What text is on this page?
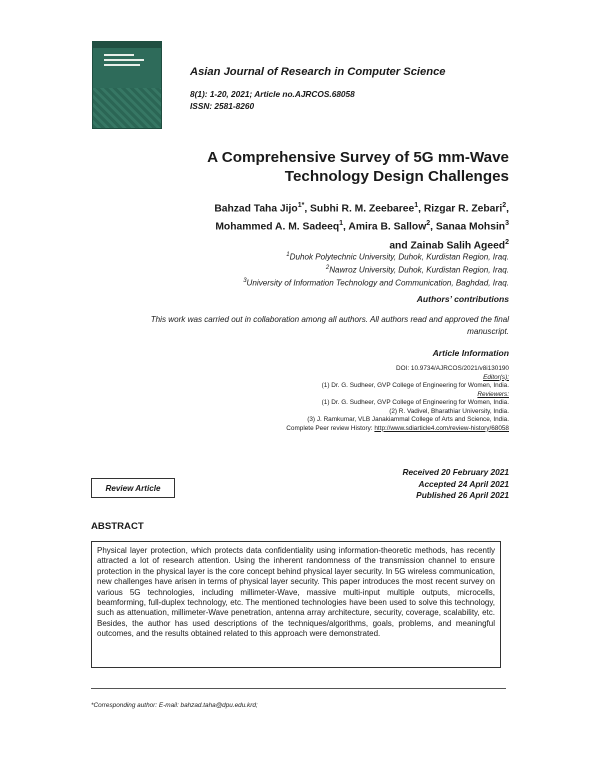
Asian Journal of Research in Computer Science
8(1): 1-20, 2021; Article no.AJRCOS.68058
ISSN: 2581-8260
A Comprehensive Survey of 5G mm-Wave
Technology Design Challenges
Bahzad Taha Jijo$^{1*}$, Subhi R. M. Zeebaree$^1$, Rizgar R. Zebari$^2$,
Mohammed A. M. Sadeeq$^1$, Amira B. Sallow$^2$, Sanaa Mohsin$^3$
and Zainab Salih Ageed$^2$
$^1$Duhok Polytechnic University, Duhok, Kurdistan Region, Iraq.
$^2$Nawroz University, Duhok, Kurdistan Region, Iraq.
$^3$University of Information Technology and Communication, Baghdad, Iraq.
Authors’ contributions
This work was carried out in collaboration among all authors. All authors read and approved the final
manuscript.
Article Information
DOI: 10.9734/AJRCOS/2021/v8i130190
Editor(s):
(1) Dr. G. Sudheer, GVP College of Engineering for Women, India.
Reviewers:
(1) Dr. G. Sudheer, GVP College of Engineering for Women, India.
(2) R. Vadivel, Bharathiar University, India.
(3) J. Ramkumar, VLB Janakiammal College of Arts and Science, India.
Complete Peer review History: http://www.sdiarticle4.com/review-history/68058
Review Article
Received 20 February 2021
Accepted 24 April 2021
Published 26 April 2021
ABSTRACT
Physical layer protection, which protects data confidentiality using information-theoretic methods, has recently attracted a lot of research attention. Using the inherent randomness of the transmission channel to ensure protection in the physical layer is the core concept behind physical layer security. In 5G wireless communication, new challenges have arisen in terms of physical layer security. This paper introduces the most recent survey on various 5G technologies, including millimeter-Wave, massive multi-input multiple outputs, microcells, beamforming, full-duplex technology, etc. The mentioned technologies have been used to solve this technology, such as attenuation, millimeter-Wave penetration, antenna array architecture, security, coverage, scalability, etc. Besides, the author has used descriptions of the techniques/algorithms, goals, problems, and meaningful outcomes, and the results obtained related to this approach were demonstrated.
*Corresponding author: E-mail: bahzad.taha@dpu.edu.krd;
